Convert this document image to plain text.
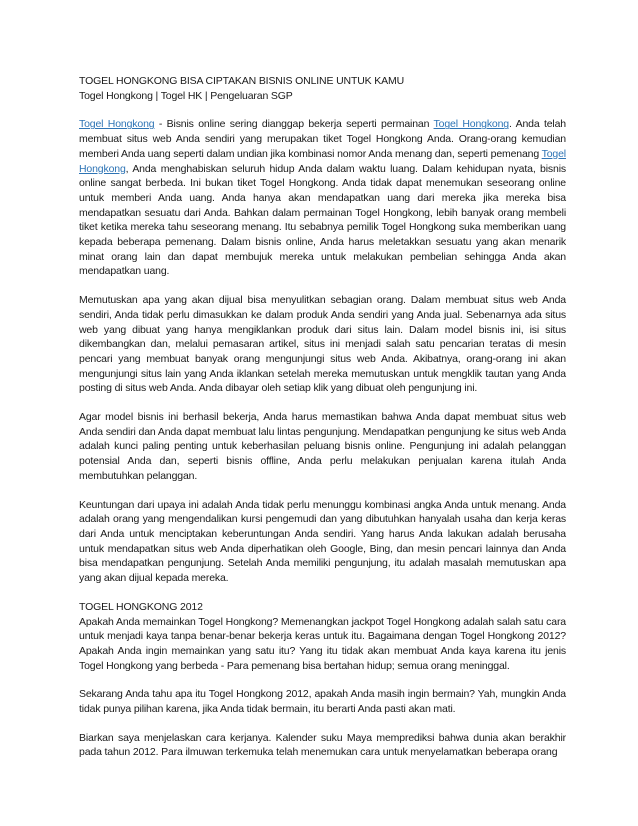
TOGEL HONGKONG BISA CIPTAKAN BISNIS ONLINE UNTUK KAMU
Togel Hongkong | Togel HK | Pengeluaran SGP

Togel Hongkong - Bisnis online sering dianggap bekerja seperti permainan Togel Hongkong. Anda telah membuat situs web Anda sendiri yang merupakan tiket Togel Hongkong Anda. Orang-orang kemudian memberi Anda uang seperti dalam undian jika kombinasi nomor Anda menang dan, seperti pemenang Togel Hongkong, Anda menghabiskan seluruh hidup Anda dalam waktu luang. Dalam kehidupan nyata, bisnis online sangat berbeda. Ini bukan tiket Togel Hongkong. Anda tidak dapat menemukan seseorang online untuk memberi Anda uang. Anda hanya akan mendapatkan uang dari mereka jika mereka bisa mendapatkan sesuatu dari Anda. Bahkan dalam permainan Togel Hongkong, lebih banyak orang membeli tiket ketika mereka tahu seseorang menang. Itu sebabnya pemilik Togel Hongkong suka memberikan uang kepada beberapa pemenang. Dalam bisnis online, Anda harus meletakkan sesuatu yang akan menarik minat orang lain dan dapat membujuk mereka untuk melakukan pembelian sehingga Anda akan mendapatkan uang.

Memutuskan apa yang akan dijual bisa menyulitkan sebagian orang. Dalam membuat situs web Anda sendiri, Anda tidak perlu dimasukkan ke dalam produk Anda sendiri yang Anda jual. Sebenarnya ada situs web yang dibuat yang hanya mengiklankan produk dari situs lain. Dalam model bisnis ini, isi situs dikembangkan dan, melalui pemasaran artikel, situs ini menjadi salah satu pencarian teratas di mesin pencari yang membuat banyak orang mengunjungi situs web Anda. Akibatnya, orang-orang ini akan mengunjungi situs lain yang Anda iklankan setelah mereka memutuskan untuk mengklik tautan yang Anda posting di situs web Anda. Anda dibayar oleh setiap klik yang dibuat oleh pengunjung ini.

Agar model bisnis ini berhasil bekerja, Anda harus memastikan bahwa Anda dapat membuat situs web Anda sendiri dan Anda dapat membuat lalu lintas pengunjung. Mendapatkan pengunjung ke situs web Anda adalah kunci paling penting untuk keberhasilan peluang bisnis online. Pengunjung ini adalah pelanggan potensial Anda dan, seperti bisnis offline, Anda perlu melakukan penjualan karena itulah Anda membutuhkan pelanggan.

Keuntungan dari upaya ini adalah Anda tidak perlu menunggu kombinasi angka Anda untuk menang. Anda adalah orang yang mengendalikan kursi pengemudi dan yang dibutuhkan hanyalah usaha dan kerja keras dari Anda untuk menciptakan keberuntungan Anda sendiri. Yang harus Anda lakukan adalah berusaha untuk mendapatkan situs web Anda diperhatikan oleh Google, Bing, dan mesin pencari lainnya dan Anda bisa mendapatkan pengunjung. Setelah Anda memiliki pengunjung, itu adalah masalah memutuskan apa yang akan dijual kepada mereka.

TOGEL HONGKONG 2012
Apakah Anda memainkan Togel Hongkong? Memenangkan jackpot Togel Hongkong adalah salah satu cara untuk menjadi kaya tanpa benar-benar bekerja keras untuk itu. Bagaimana dengan Togel Hongkong 2012? Apakah Anda ingin memainkan yang satu itu? Yang itu tidak akan membuat Anda kaya karena itu jenis Togel Hongkong yang berbeda - Para pemenang bisa bertahan hidup; semua orang meninggal.

Sekarang Anda tahu apa itu Togel Hongkong 2012, apakah Anda masih ingin bermain? Yah, mungkin Anda tidak punya pilihan karena, jika Anda tidak bermain, itu berarti Anda pasti akan mati.

Biarkan saya menjelaskan cara kerjanya. Kalender suku Maya memprediksi bahwa dunia akan berakhir pada tahun 2012. Para ilmuwan terkemuka telah menemukan cara untuk menyelamatkan beberapa orang
